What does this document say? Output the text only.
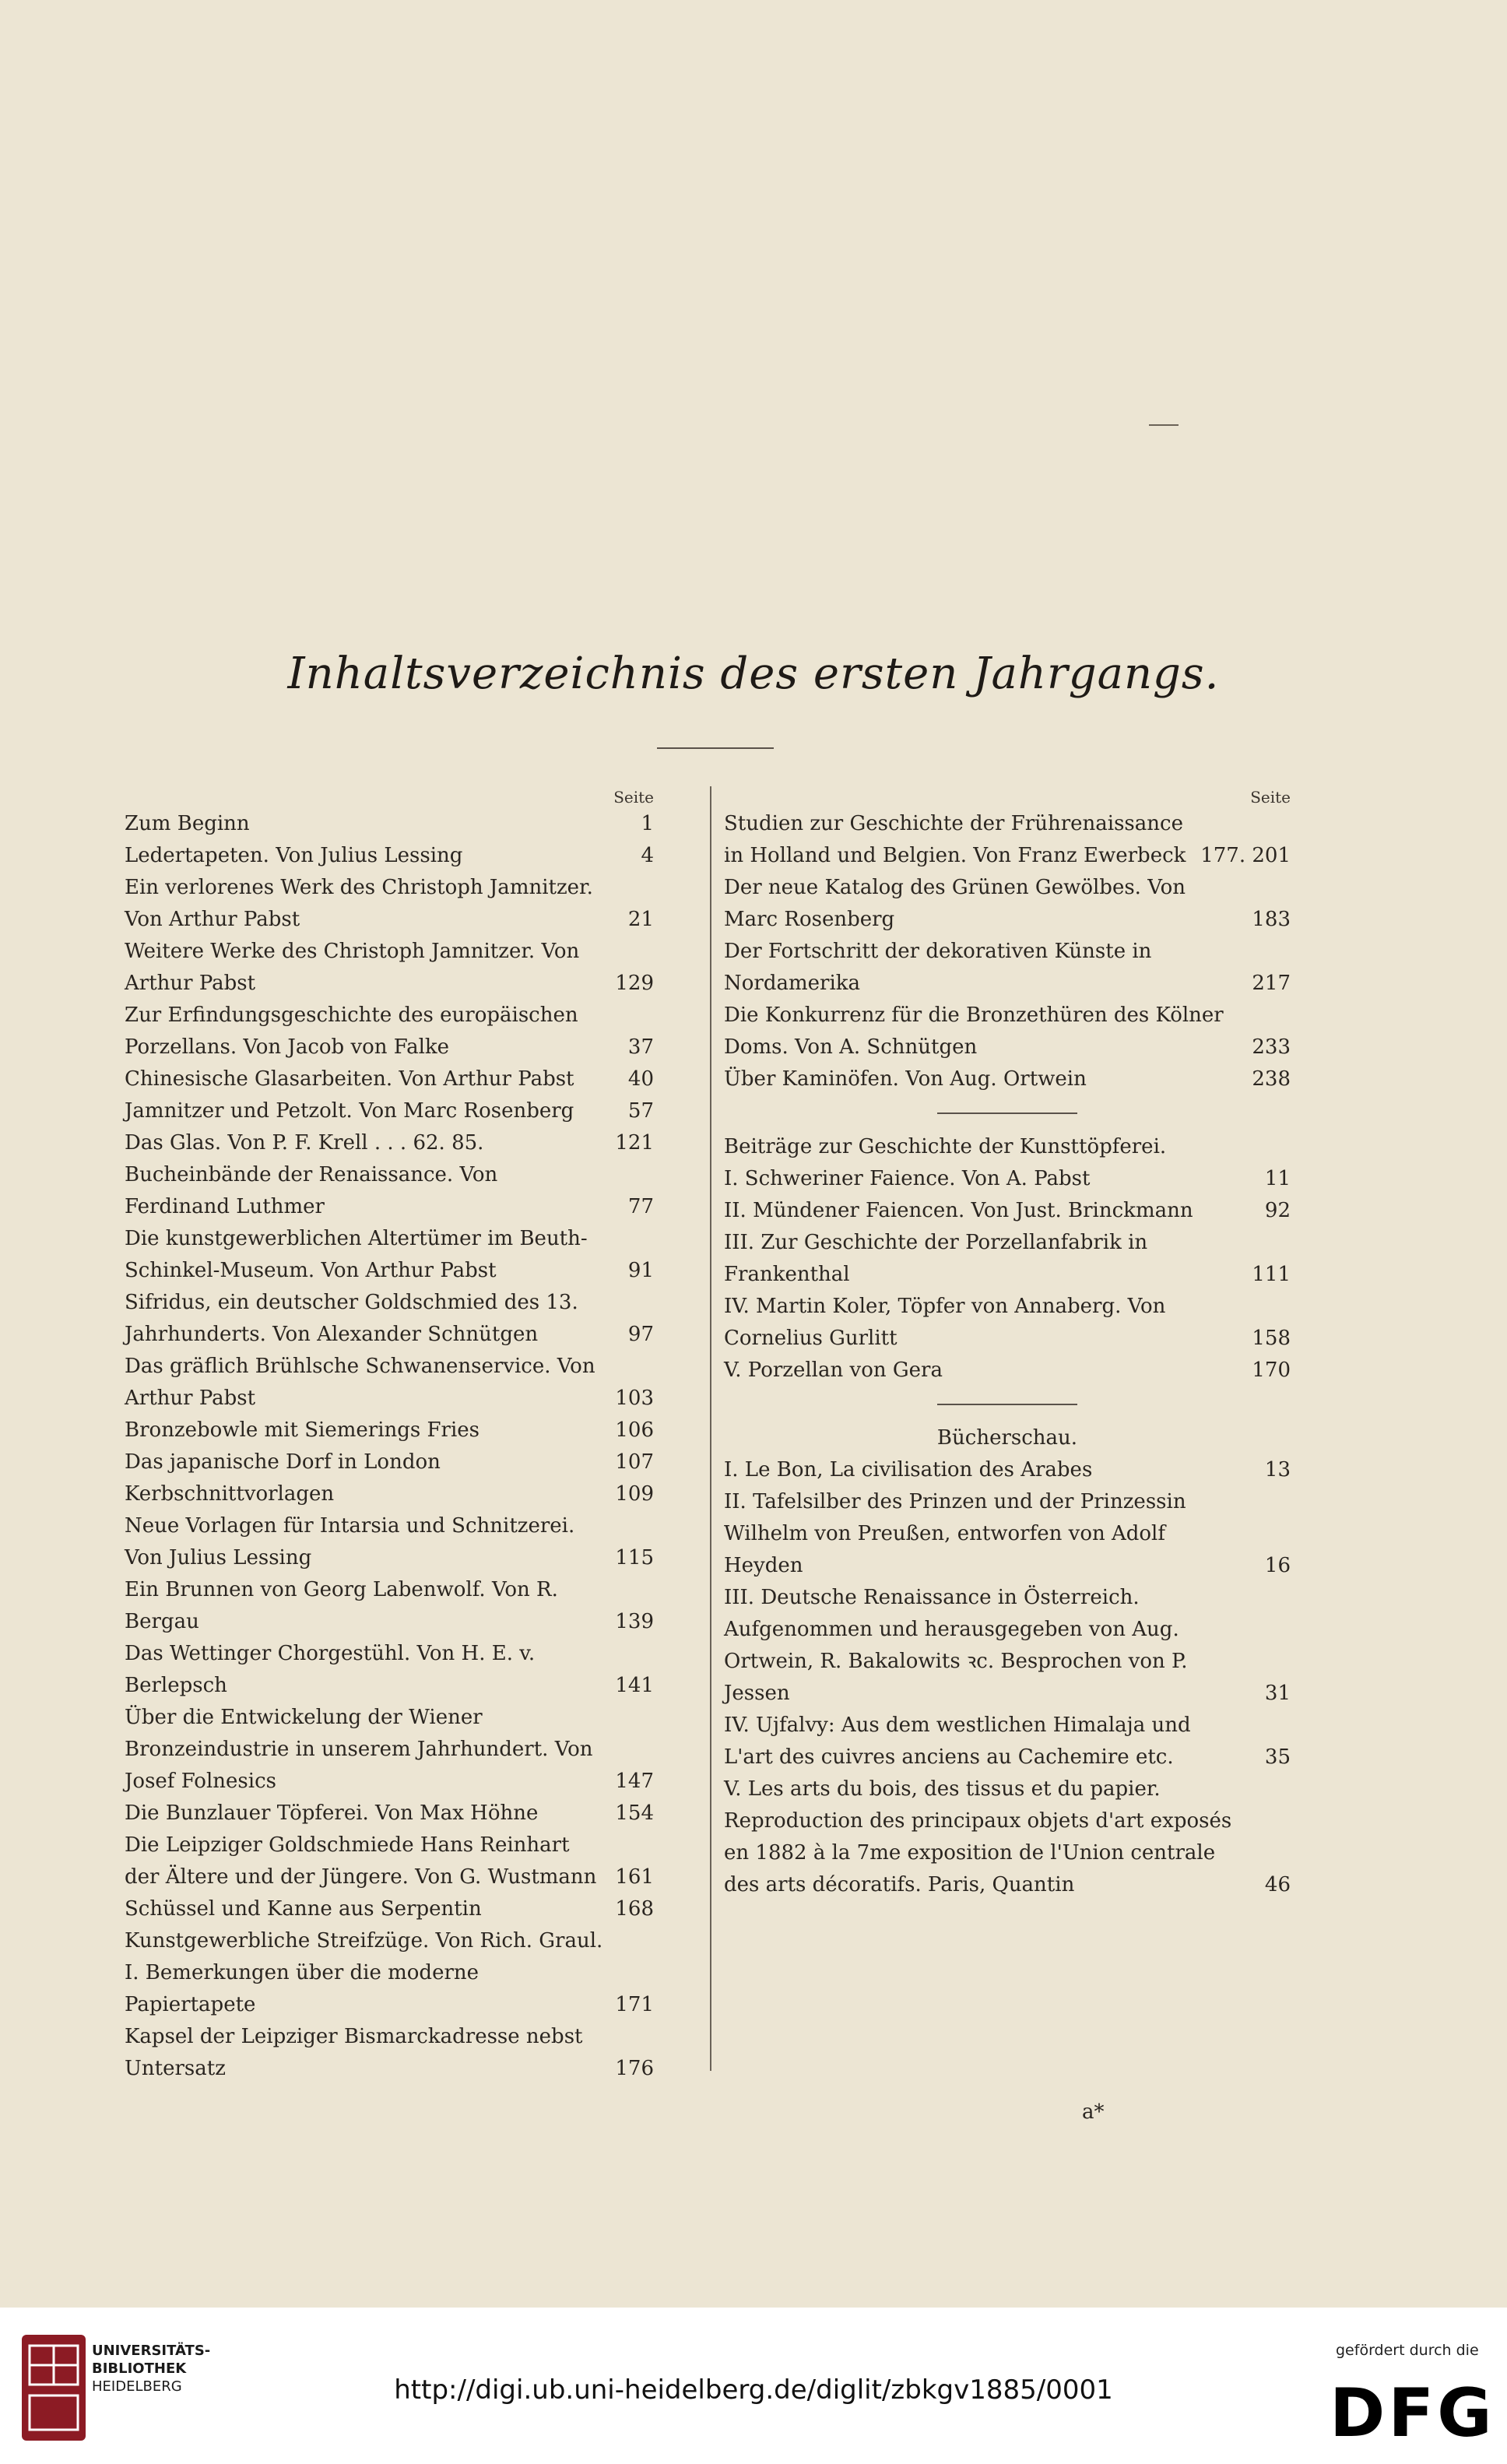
Inhaltsverzeichnis des ersten Jahrgangs.
Seite
Zum Beginn	1
Ledertapeten. Von Julius Lessing	4
Ein verlorenes Werk des Christoph Jamnitzer. Von Arthur Pabst	21
Weitere Werke des Christoph Jamnitzer. Von Arthur Pabst	129
Zur Erfindungsgeschichte des europäischen Porzellans. Von Jacob von Falke	37
Chinesische Glasarbeiten. Von Arthur Pabst	40
Jamnitzer und Petzolt. Von Marc Rosenberg	57
Das Glas. Von P. F. Krell . . . 62. 85.	121
Bucheinbände der Renaissance. Von Ferdinand Luthmer	77
Die kunstgewerblichen Altertümer im Beuth-Schinkel-Museum. Von Arthur Pabst	91
Sifridus, ein deutscher Goldschmied des 13. Jahrhunderts. Von Alexander Schnütgen	97
Das gräflich Brühlsche Schwanenservice. Von Arthur Pabst	103
Bronzebowle mit Siemerings Fries	106
Das japanische Dorf in London	107
Kerbschnittvorlagen	109
Neue Vorlagen für Intarsia und Schnitzerei. Von Julius Lessing	115
Ein Brunnen von Georg Labenwolf. Von R. Bergau	139
Das Wettinger Chorgestühl. Von H. E. v. Berlepsch	141
Über die Entwickelung der Wiener Bronzeindustrie in unserem Jahrhundert. Von Josef Folnesics	147
Die Bunzlauer Töpferei. Von Max Höhne	154
Die Leipziger Goldschmiede Hans Reinhart der Ältere und der Jüngere. Von G. Wustmann 161
Schüssel und Kanne aus Serpentin	168
Kunstgewerbliche Streifzüge. Von Rich. Graul. I. Bemerkungen über die moderne Papiertapete	171
Kapsel der Leipziger Bismarckadresse nebst Untersatz	176
Seite
Studien zur Geschichte der Frührenaissance in Holland und Belgien. Von Franz Ewerbeck 177. 201
Der neue Katalog des Grünen Gewölbes. Von Marc Rosenberg	183
Der Fortschritt der dekorativen Künste in Nordamerika	217
Die Konkurrenz für die Bronzethüren des Kölner Doms. Von A. Schnütgen	233
Über Kaminöfen. Von Aug. Ortwein	238
Beiträge zur Geschichte der Kunsttöpferei.
I. Schweriner Faience. Von A. Pabst	11
II. Mündener Faiencen. Von Just. Brinckmann	92
III. Zur Geschichte der Porzellanfabrik in Frankenthal	111
IV. Martin Koler, Töpfer von Annaberg. Von Cornelius Gurlitt	158
V. Porzellan von Gera	170
Bücherschau.
I. Le Bon, La civilisation des Arabes	13
II. Tafelsilber des Prinzen und der Prinzessin Wilhelm von Preußen, entworfen von Adolf Heyden	16
III. Deutsche Renaissance in Österreich. Aufgenommen und herausgegeben von Aug. Ortwein, R. Bakalowits ꝛc. Besprochen von P. Jessen	31
IV. Ujfalvy: Aus dem westlichen Himalaja und L'art des cuivres anciens au Cachemire etc.	35
V. Les arts du bois, des tissus et du papier. Reproduction des principaux objets d'art exposés en 1882 à la 7me exposition de l'Union centrale des arts décoratifs. Paris, Quantin	46
a*
UNIVERSITÄTS-
BIBLIOTHEK
HEIDELBERG	http://digi.ub.uni-heidelberg.de/diglit/zbkgv1885/0001
gefördert durch die
DFG
